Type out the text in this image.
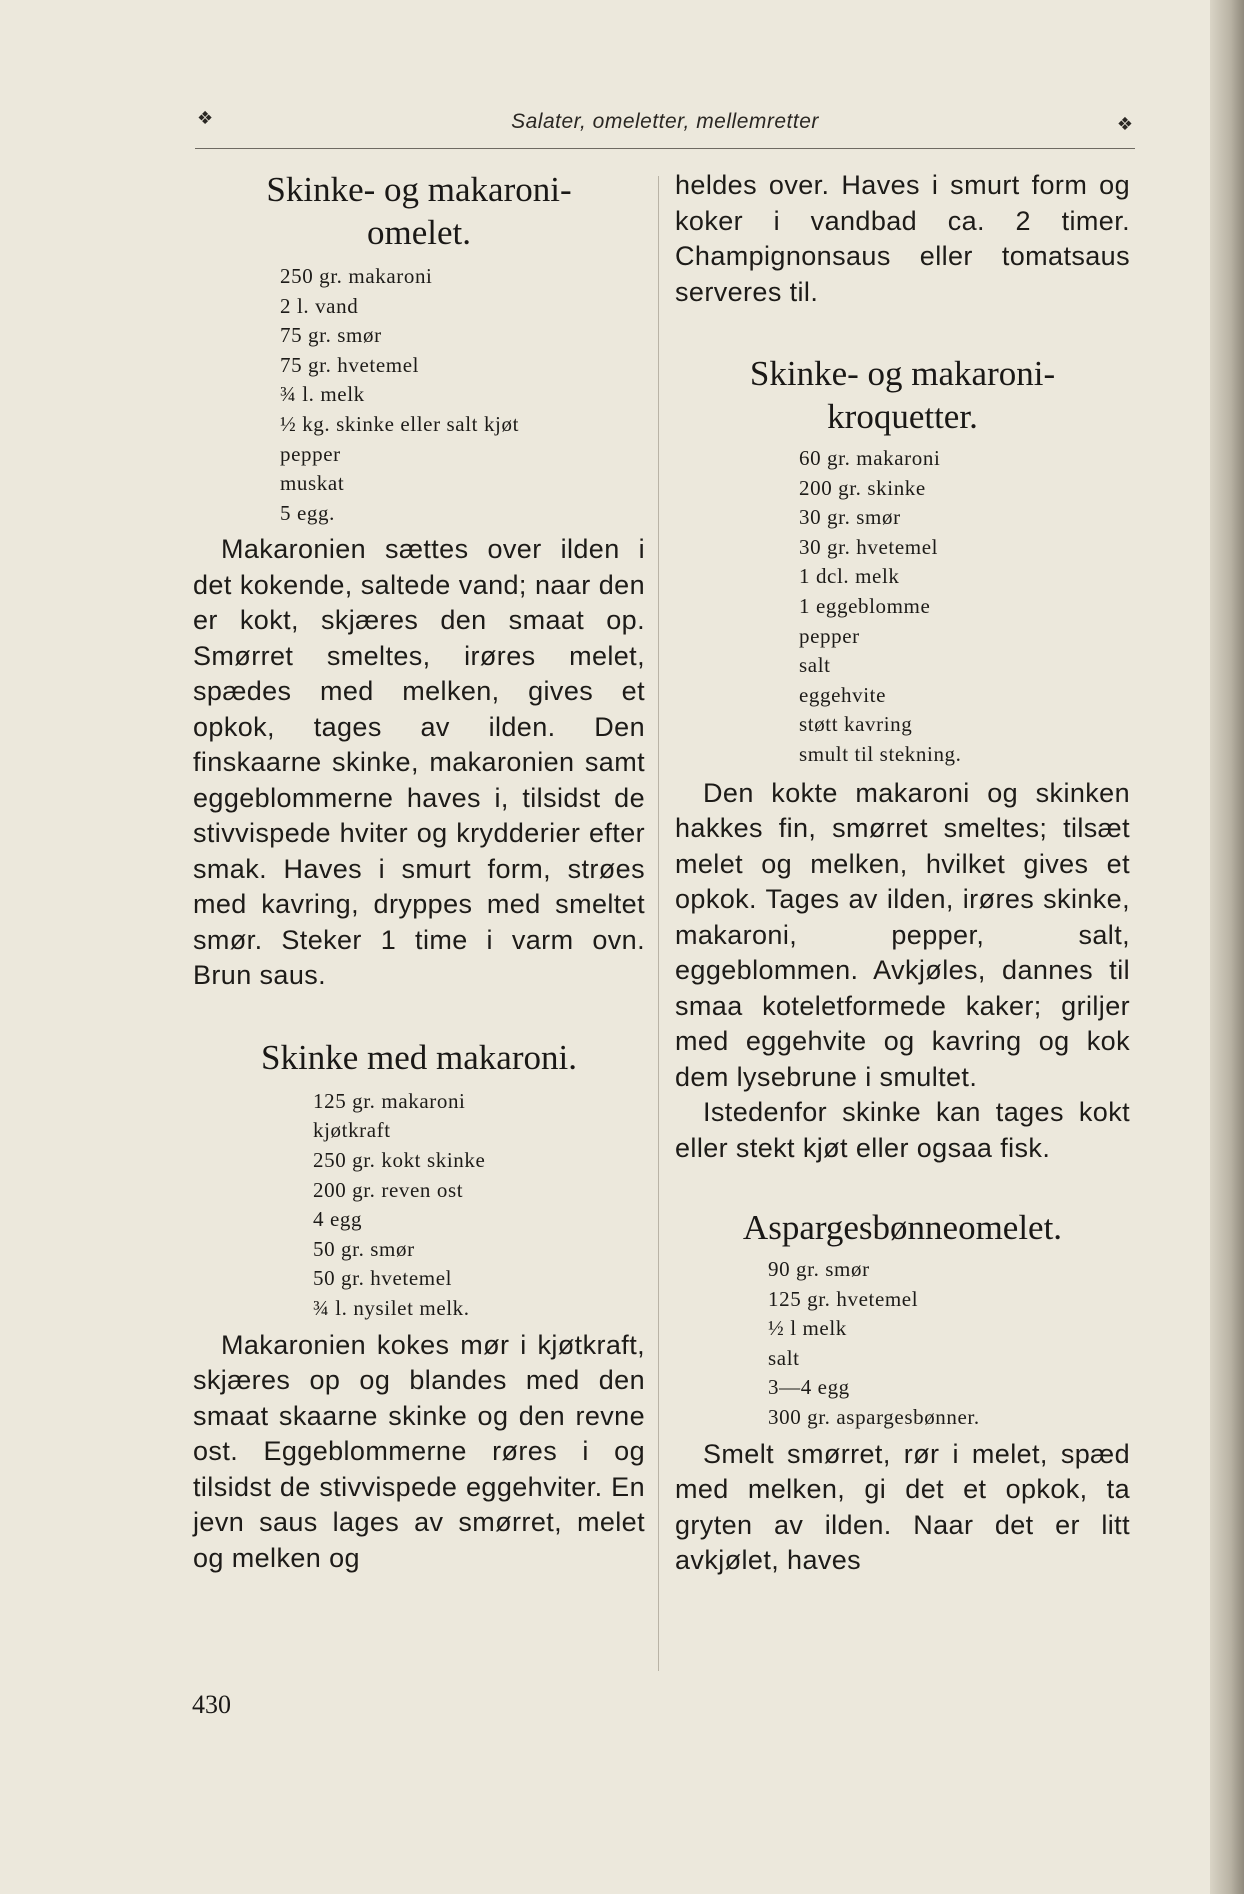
❖	Salater, omeletter, mellemretter	❖
Skinke- og makaroni-
omelet.
250 gr. makaroni
2 l. vand
75 gr. smør
75 gr. hvetemel
¾ l. melk
½ kg. skinke eller salt kjøt
pepper
muskat
5 egg.

Makaronien sættes over ilden i det kokende, saltede vand; naar den er kokt, skjæres den smaat op. Smørret smeltes, irøres melet, spædes med melken, gives et opkok, tages av ilden. Den finskaarne skinke, makaronien samt eggeblommerne haves i, tilsidst de stivvispede hviter og krydderier efter smak. Haves i smurt form, strøes med kavring, dryppes med smeltet smør. Steker 1 time i varm ovn. Brun saus.

Skinke med makaroni.
125 gr. makaroni
kjøtkraft
250 gr. kokt skinke
200 gr. reven ost
4 egg
50 gr. smør
50 gr. hvetemel
¾ l. nysilet melk.

Makaronien kokes mør i kjøtkraft, skjæres op og blandes med den smaat skaarne skinke og den revne ost. Eggeblommerne røres i og tilsidst de stivvispede eggehviter. En jevn saus lages av smørret, melet og melken og

heldes over. Haves i smurt form og koker i vandbad ca. 2 timer. Champignonsaus eller tomatsaus serveres til.

Skinke- og makaroni-
kroquetter.
60 gr. makaroni
200 gr. skinke
30 gr. smør
30 gr. hvetemel
1 dcl. melk
1 eggeblomme
pepper
salt
eggehvite
støtt kavring
smult til stekning.

Den kokte makaroni og skinken hakkes fin, smørret smeltes; tilsæt melet og melken, hvilket gives et opkok. Tages av ilden, irøres skinke, makaroni, pepper, salt, eggeblommen. Avkjøles, dannes til smaa koteletformede kaker; griljer med eggehvite og kavring og kok dem lysebrune i smultet.

Istedenfor skinke kan tages kokt eller stekt kjøt eller ogsaa fisk.

Aspargesbønneomelet.
90 gr. smør
125 gr. hvetemel
½ l melk
salt
3—4 egg
300 gr. aspargesbønner.

Smelt smørret, rør i melet, spæd med melken, gi det et opkok, ta gryten av ilden. Naar det er litt avkjølet, haves

430
